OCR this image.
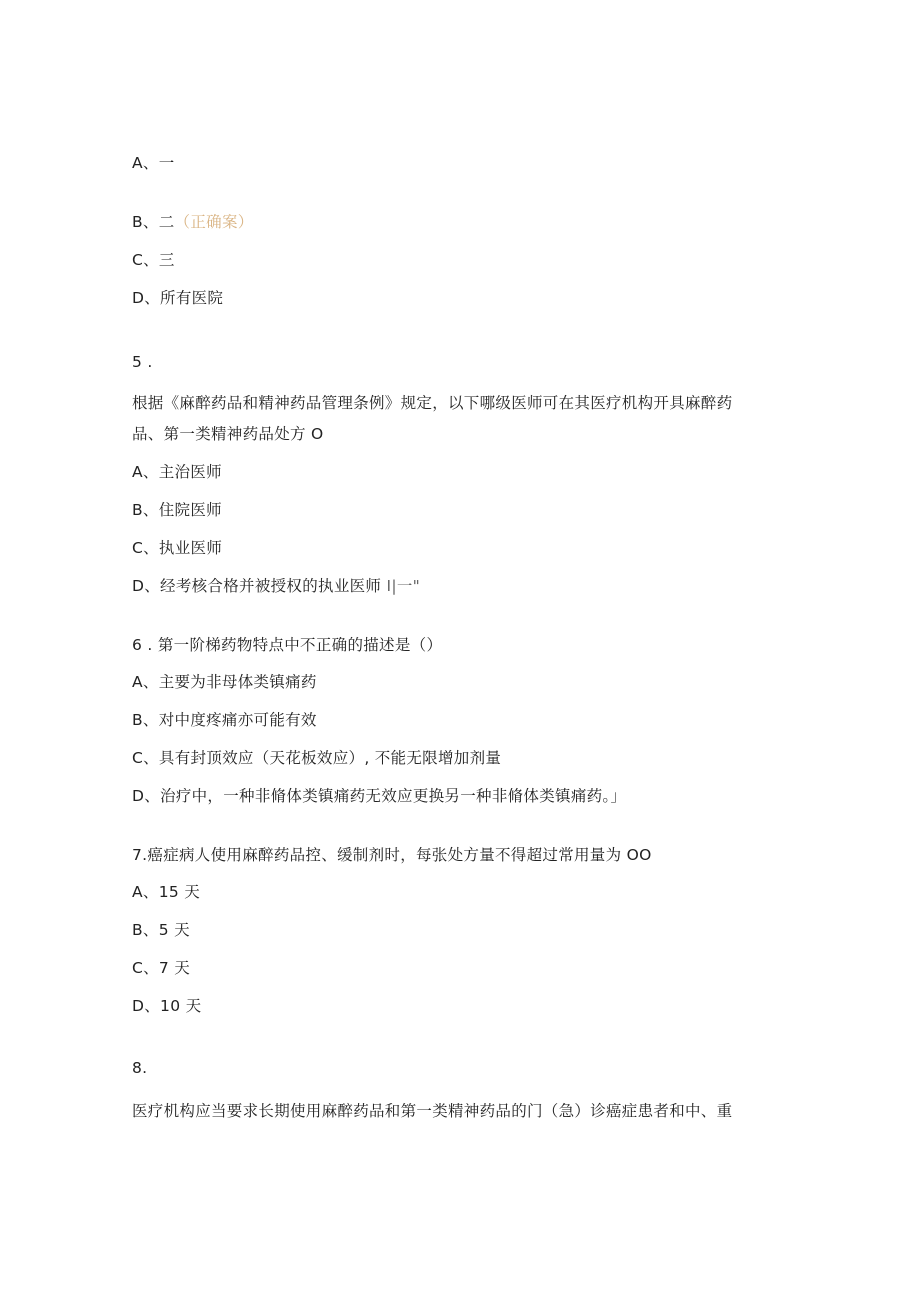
A、一
B、二（正确案）
C、三
D、所有医院
5 .
根据《麻醉药品和精神药品管理条例》规定，以下哪级医师可在其医疗机构开具麻醉药
品、第一类精神药品处方 O
A、主治医师
B、住院医师
C、执业医师
D、经考核合格并被授权的执业医师 I|一"
6 . 第一阶梯药物特点中不正确的描述是（）
A、主要为非母体类镇痛药
B、对中度疼痛亦可能有效
C、具有封顶效应（天花板效应）, 不能无限增加剂量
D、治疗中，一种非脩体类镇痛药无效应更换另一种非脩体类镇痛药。」
7.癌症病人使用麻醉药品控、缓制剂时，每张处方量不得超过常用量为 OO
A、15 天
B、5 天
C、7 天
D、10 天
8.
医疗机构应当要求长期使用麻醉药品和第一类精神药品的门（急）诊癌症患者和中、重
